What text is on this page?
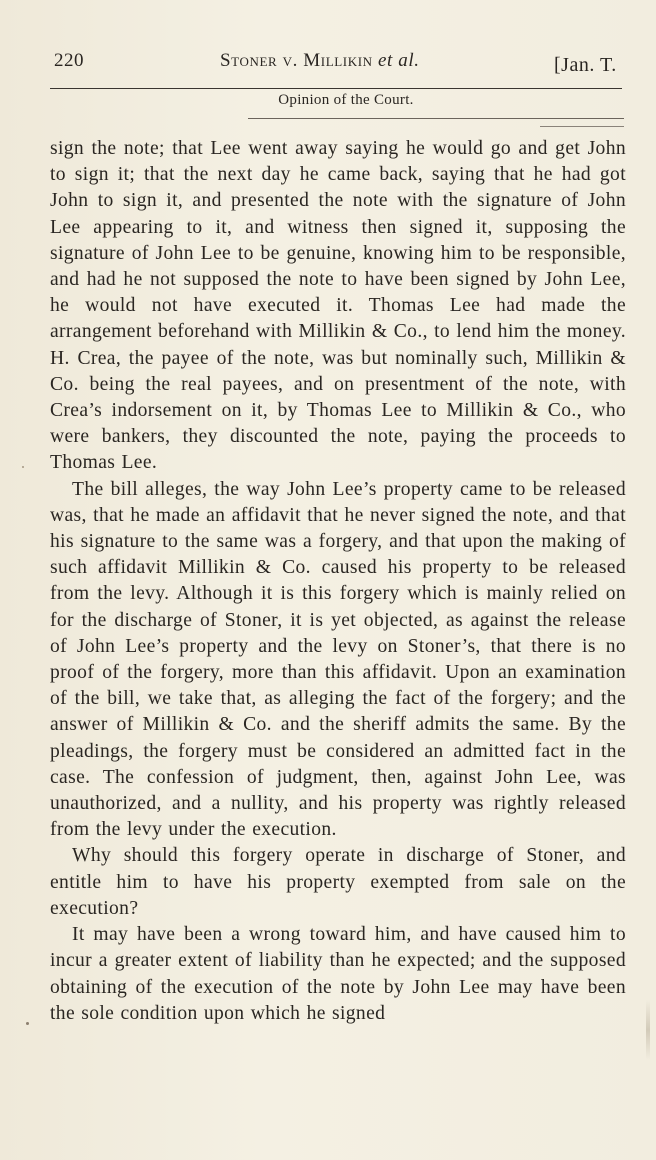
220	Stoner v. Millikin et al.	[Jan. T.
Opinion of the Court.

sign the note; that Lee went away saying he would go and get John to sign it; that the next day he came back, saying that he had got John to sign it, and presented the note with the signature of John Lee appearing to it, and witness then signed it, supposing the signature of John Lee to be genuine, knowing him to be responsible, and had he not supposed the note to have been signed by John Lee, he would not have executed it. Thomas Lee had made the arrangement beforehand with Millikin & Co., to lend him the money. H. Crea, the payee of the note, was but nominally such, Millikin & Co. being the real payees, and on presentment of the note, with Crea’s indorsement on it, by Thomas Lee to Millikin & Co., who were bankers, they discounted the note, paying the proceeds to Thomas Lee.

The bill alleges, the way John Lee’s property came to be released was, that he made an affidavit that he never signed the note, and that his signature to the same was a forgery, and that upon the making of such affidavit Millikin & Co. caused his property to be released from the levy. Although it is this forgery which is mainly relied on for the discharge of Stoner, it is yet objected, as against the release of John Lee’s property and the levy on Stoner’s, that there is no proof of the forgery, more than this affidavit. Upon an examination of the bill, we take that, as alleging the fact of the forgery; and the answer of Millikin & Co. and the sheriff admits the same. By the pleadings, the forgery must be considered an admitted fact in the case. The confession of judgment, then, against John Lee, was unauthorized, and a nullity, and his property was rightly released from the levy under the execution.

Why should this forgery operate in discharge of Stoner, and entitle him to have his property exempted from sale on the execution?

It may have been a wrong toward him, and have caused him to incur a greater extent of liability than he expected; and the supposed obtaining of the execution of the note by John Lee may have been the sole condition upon which he signed
